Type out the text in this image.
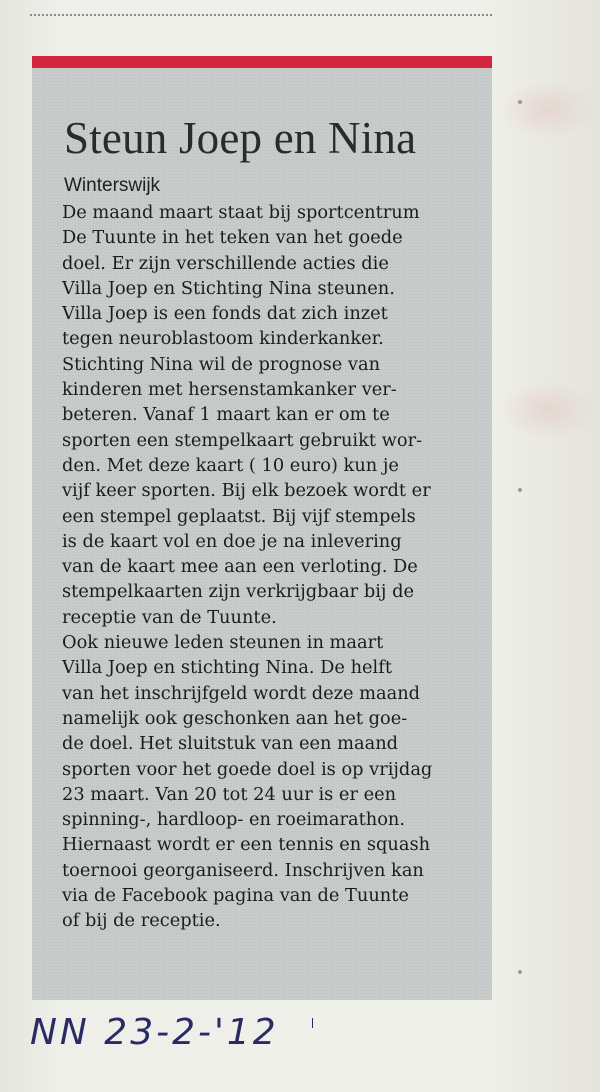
Steun Joep en Nina
Winterswijk
De maand maart staat bij sportcentrum
De Tuunte in het teken van het goede
doel. Er zijn verschillende acties die
Villa Joep en Stichting Nina steunen.
Villa Joep is een fonds dat zich inzet
tegen neuroblastoom kinderkanker.
Stichting Nina wil de prognose van
kinderen met hersenstamkanker ver-
beteren. Vanaf 1 maart kan er om te
sporten een stempelkaart gebruikt wor-
den. Met deze kaart ( 10 euro) kun je
vijf keer sporten. Bij elk bezoek wordt er
een stempel geplaatst. Bij vijf stempels
is de kaart vol en doe je na inlevering
van de kaart mee aan een verloting. De
stempelkaarten zijn verkrijgbaar bij de
receptie van de Tuunte.
Ook nieuwe leden steunen in maart
Villa Joep en stichting Nina. De helft
van het inschrijfgeld wordt deze maand
namelijk ook geschonken aan het goe-
de doel. Het sluitstuk van een maand
sporten voor het goede doel is op vrijdag
23 maart. Van 20 tot 24 uur is er een
spinning-, hardloop- en roeimarathon.
Hiernaast wordt er een tennis en squash
toernooi georganiseerd. Inschrijven kan
via de Facebook pagina van de Tuunte
of bij de receptie.
NN 23-2-'12
